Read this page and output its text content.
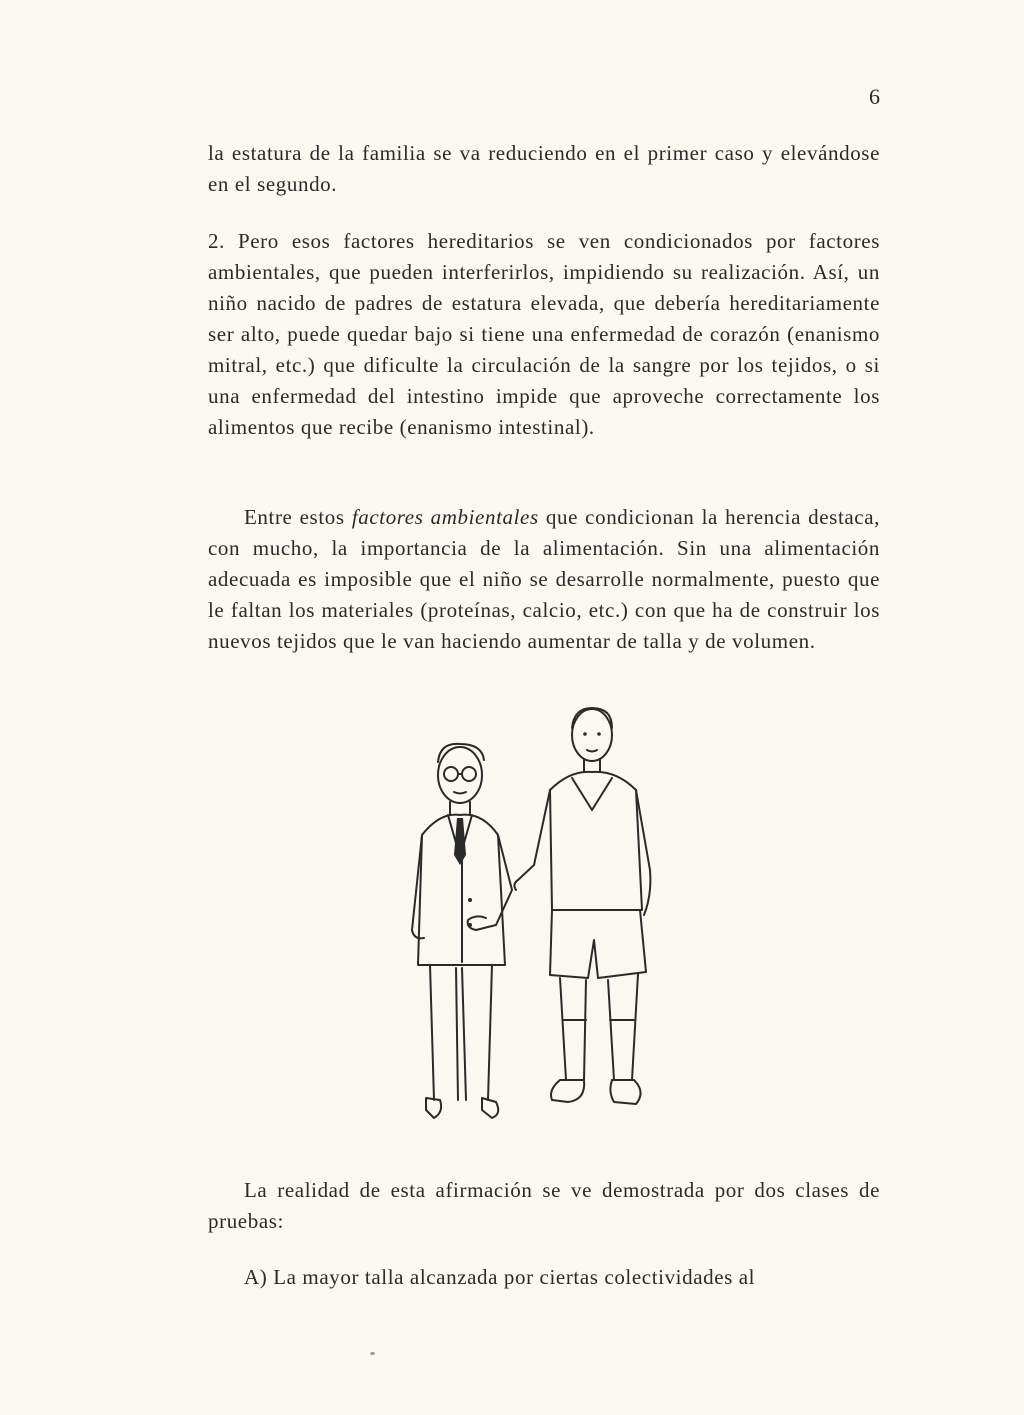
6

la estatura de la familia se va reduciendo en el primer caso y elevándose en el segundo.

2. Pero esos factores hereditarios se ven condicionados por factores ambientales, que pueden interferirlos, impidiendo su realización. Así, un niño nacido de padres de estatura elevada, que debería hereditariamente ser alto, puede quedar bajo si tiene una enfermedad de corazón (enanismo mitral, etc.) que dificulte la circulación de la sangre por los tejidos, o si una enfermedad del intestino impide que aproveche correctamente los alimentos que recibe (enanismo intestinal).

Entre estos factores ambientales que condicionan la herencia destaca, con mucho, la importancia de la alimentación. Sin una alimentación adecuada es imposible que el niño se desarrolle normalmente, puesto que le faltan los materiales (proteínas, calcio, etc.) con que ha de construir los nuevos tejidos que le van haciendo aumentar de talla y de volumen.

La realidad de esta afirmación se ve demostrada por dos clases de pruebas:

A) La mayor talla alcanzada por ciertas colectividades al
